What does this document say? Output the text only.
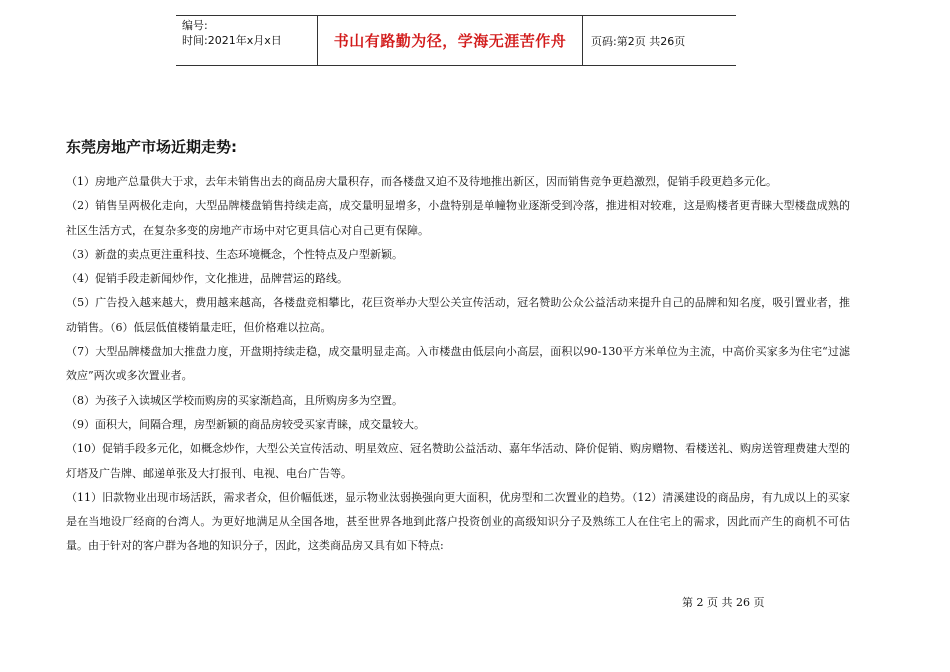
编号:
时间:2021年x月x日	书山有路勤为径，学海无涯苦作舟	页码:第2页 共26页
东莞房地产市场近期走势:

（1）房地产总量供大于求，去年未销售出去的商品房大量积存，而各楼盘又迫不及待地推出新区，因而销售竞争更趋激烈，促销手段更趋多元化。

（2）销售呈两极化走向，大型品牌楼盘销售持续走高，成交量明显增多，小盘特别是单幢物业逐渐受到冷落，推进相对较难，这是购楼者更青睐大型楼盘成熟的社区生活方式，在复杂多变的房地产市场中对它更具信心对自己更有保障。

（3）新盘的卖点更注重科技、生态环境概念，个性特点及户型新颖。

（4）促销手段走新闻炒作，文化推进，品牌营运的路线。

（5）广告投入越来越大，费用越来越高，各楼盘竞相攀比，花巨资举办大型公关宣传活动，冠名赞助公众公益活动来提升自己的品牌和知名度，吸引置业者，推动销售。（6）低层低值楼销量走旺，但价格难以拉高。

（7）大型品牌楼盘加大推盘力度，开盘期持续走稳，成交量明显走高。入市楼盘由低层向小高层，面积以90-130平方米单位为主流，中高价买家多为住宅“过滤效应”两次或多次置业者。

（8）为孩子入读城区学校而购房的买家渐趋高，且所购房多为空置。

（9）面积大，间隔合理，房型新颖的商品房较受买家青睐，成交量较大。

（10）促销手段多元化，如概念炒作，大型公关宣传活动、明星效应、冠名赞助公益活动、嘉年华活动、降价促销、购房赠物、看楼送礼、购房送管理费建大型的灯塔及广告牌、邮递单张及大打报刊、电视、电台广告等。

（11）旧款物业出现市场活跃，需求者众，但价幅低迷，显示物业汰弱换强向更大面积，优房型和二次置业的趋势。（12）清溪建设的商品房，有九成以上的买家是在当地设厂经商的台湾人。为更好地满足从全国各地，甚至世界各地到此落户投资创业的高级知识分子及熟练工人在住宅上的需求，因此而产生的商机不可估量。由于针对的客户群为各地的知识分子，因此，这类商品房又具有如下特点:

第 2 页 共 26 页
